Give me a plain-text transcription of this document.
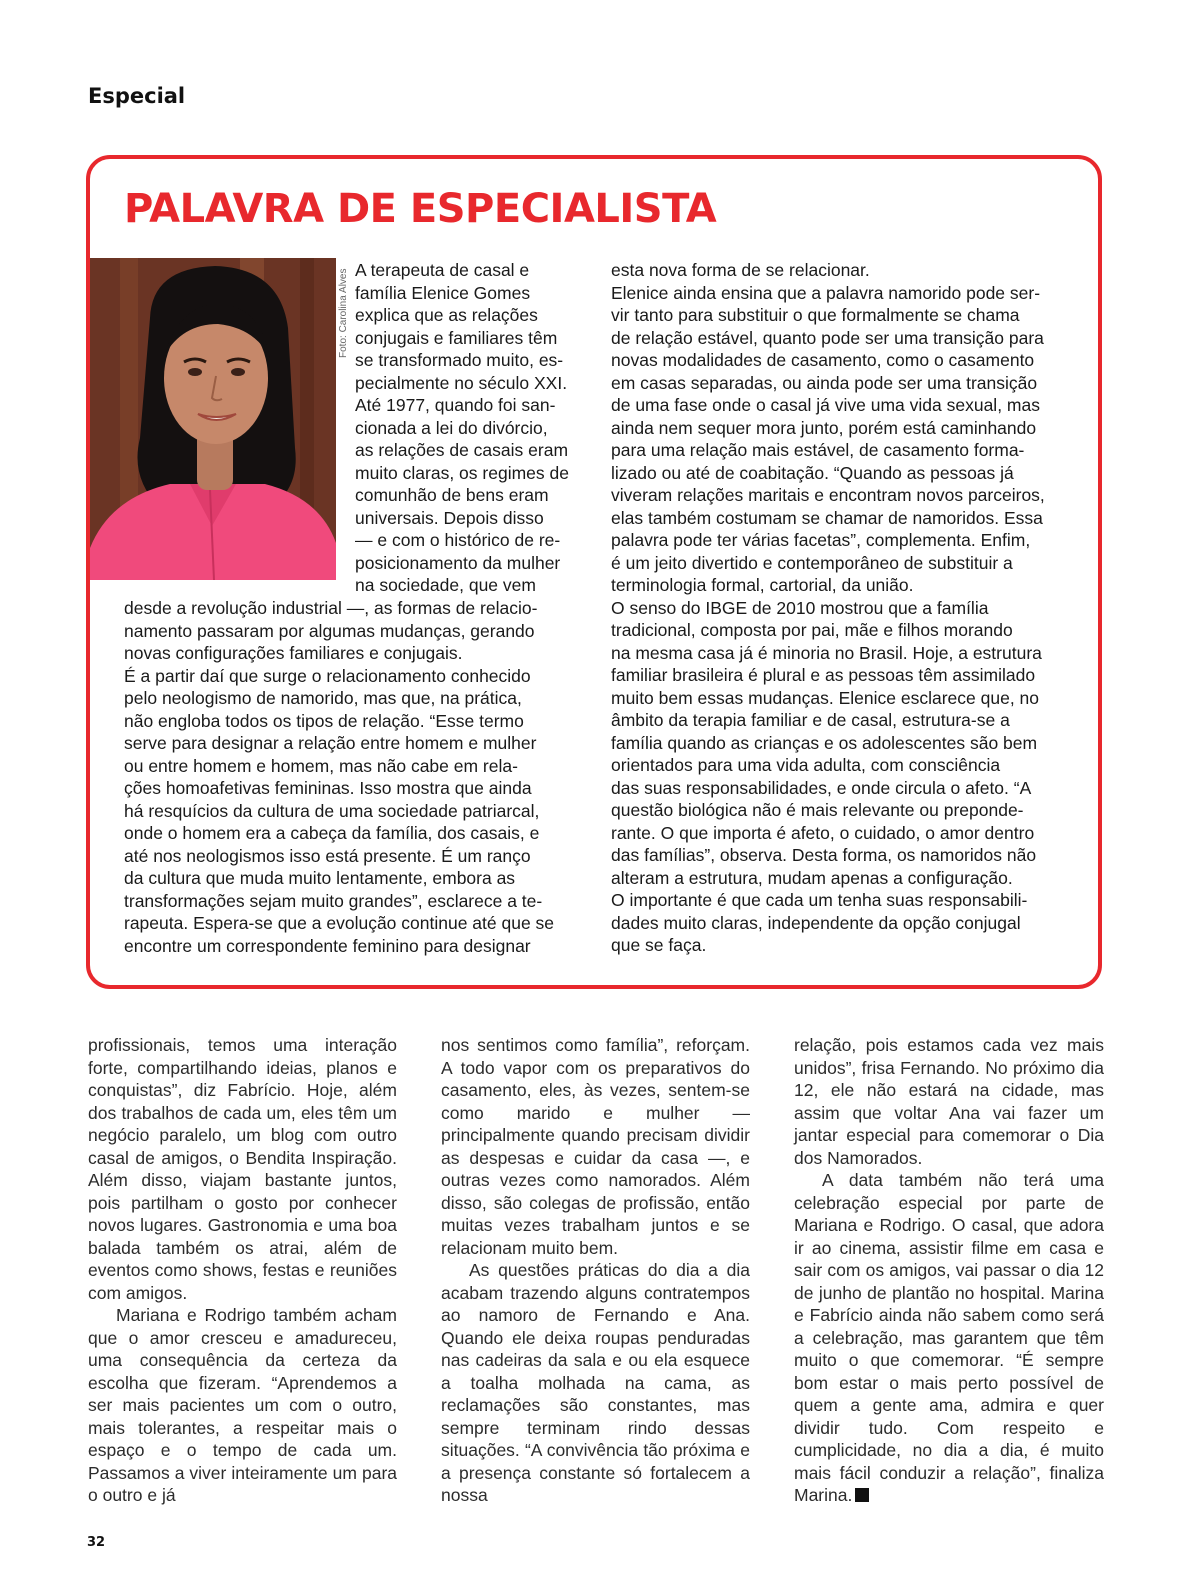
Especial
PALAVRA DE ESPECIALISTA
Foto: Carolina Alves A terapeuta de casal e

família Elenice Gomes

explica que as relações

conjugais e familiares têm

se transformado muito, es-

pecialmente no século XXI.

Até 1977, quando foi san-

cionada a lei do divórcio,

as relações de casais eram

muito claras, os regimes de

comunhão de bens eram

universais. Depois disso

— e com o histórico de re-

posicionamento da mulher

na sociedade, que vem

desde a revolução industrial —, as formas de relacio-

namento passaram por algumas mudanças, gerando

novas configurações familiares e conjugais.

É a partir daí que surge o relacionamento conhecido

pelo neologismo de namorido, mas que, na prática,

não engloba todos os tipos de relação. “Esse termo

serve para designar a relação entre homem e mulher

ou entre homem e homem, mas não cabe em rela-

ções homoafetivas femininas. Isso mostra que ainda

há resquícios da cultura de uma sociedade patriarcal,

onde o homem era a cabeça da família, dos casais, e

até nos neologismos isso está presente. É um ranço

da cultura que muda muito lentamente, embora as

transformações sejam muito grandes”, esclarece a te-

rapeuta. Espera-se que a evolução continue até que se

encontre um correspondente feminino para designar

esta nova forma de se relacionar.

Elenice ainda ensina que a palavra namorido pode ser-

vir tanto para substituir o que formalmente se chama

de relação estável, quanto pode ser uma transição para

novas modalidades de casamento, como o casamento

em casas separadas, ou ainda pode ser uma transição

de uma fase onde o casal já vive uma vida sexual, mas

ainda nem sequer mora junto, porém está caminhando

para uma relação mais estável, de casamento forma-

lizado ou até de coabitação. “Quando as pessoas já

viveram relações maritais e encontram novos parceiros,

elas também costumam se chamar de namoridos. Essa

palavra pode ter várias facetas”, complementa. Enfim,

é um jeito divertido e contemporâneo de substituir a

terminologia formal, cartorial, da união.

O senso do IBGE de 2010 mostrou que a família

tradicional, composta por pai, mãe e filhos morando

na mesma casa já é minoria no Brasil. Hoje, a estrutura

familiar brasileira é plural e as pessoas têm assimilado

muito bem essas mudanças. Elenice esclarece que, no

âmbito da terapia familiar e de casal, estrutura-se a

família quando as crianças e os adolescentes são bem

orientados para uma vida adulta, com consciência

das suas responsabilidades, e onde circula o afeto. “A

questão biológica não é mais relevante ou preponde-

rante. O que importa é afeto, o cuidado, o amor dentro

das famílias”, observa. Desta forma, os namoridos não

alteram a estrutura, mudam apenas a configuração.

O importante é que cada um tenha suas responsabili-

dades muito claras, independente da opção conjugal

que se faça.

profissionais, temos uma interação forte, compartilhando ideias, planos e conquistas”, diz Fabrício. Hoje, além dos trabalhos de cada um, eles têm um negócio paralelo, um blog com outro casal de amigos, o Bendita Inspiração. Além disso, viajam bastante juntos, pois partilham o gosto por conhecer novos lugares. Gastronomia e uma boa balada também os atrai, além de eventos como shows, festas e reuniões com amigos.

Mariana e Rodrigo também acham que o amor cresceu e amadureceu, uma consequência da certeza da escolha que fizeram. “Aprendemos a ser mais pacientes um com o outro, mais tolerantes, a respeitar mais o espaço e o tempo de cada um. Passamos a viver inteiramente um para o outro e já

nos sentimos como família”, reforçam. A todo vapor com os preparativos do casamento, eles, às vezes, sentem-se como marido e mulher — principalmente quando precisam dividir as despesas e cuidar da casa —, e outras vezes como namorados. Além disso, são colegas de profissão, então muitas vezes trabalham juntos e se relacionam muito bem.

As questões práticas do dia a dia acabam trazendo alguns contratempos ao namoro de Fernando e Ana. Quando ele deixa roupas penduradas nas cadeiras da sala e ou ela esquece a toalha molhada na cama, as reclamações são constantes, mas sempre terminam rindo dessas situações. “A convivência tão próxima e a presença constante só fortalecem a nossa

relação, pois estamos cada vez mais unidos”, frisa Fernando. No próximo dia 12, ele não estará na cidade, mas assim que voltar Ana vai fazer um jantar especial para comemorar o Dia dos Namorados.

A data também não terá uma celebração especial por parte de Mariana e Rodrigo. O casal, que adora ir ao cinema, assistir filme em casa e sair com os amigos, vai passar o dia 12 de junho de plantão no hospital. Marina e Fabrício ainda não sabem como será a celebração, mas garantem que têm muito o que comemorar. “É sempre bom estar o mais perto possível de quem a gente ama, admira e quer dividir tudo. Com respeito e cumplicidade, no dia a dia, é muito mais fácil conduzir a relação”, finaliza Marina.

32
